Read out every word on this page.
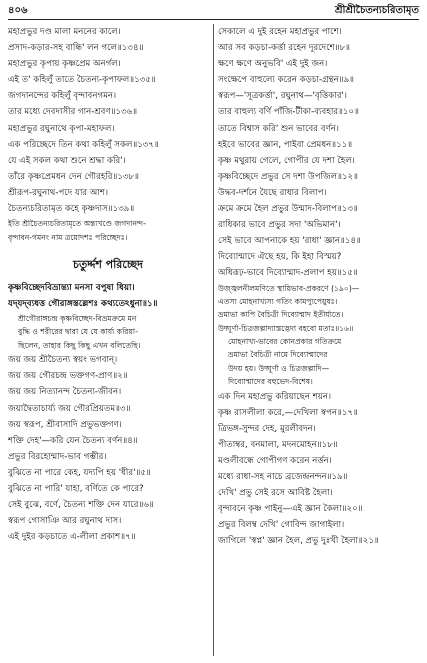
৪০৬	শ্রীশ্রীচৈতন্যচরিতামৃত
মহাপ্রভুর দণ্ড মালা মননের কালে।
প্রসাদ-কড়ার-সহ বান্ধি' লন গলে॥১৩৪॥
মহাপ্রভুর কৃপায় কৃষ্ণপ্রেম অনর্গল।
এই ত' কহিলুঁ তাতে চৈতন্য-কৃপাফল॥১৩৫॥
জগদানন্দের কহিলুঁ বৃন্দাবনগমন।
তার মধ্যে দেবদাসীর গান-শ্রবণ॥১৩৬॥
মহাপ্রভুর রঘুনাথে কৃপা-মহাফল।
এক পরিচ্ছেদে তিন কথা কহিলুঁ সকল॥১৩৭॥
যে এই সকল কথা শুনে শ্রদ্ধা করি'।
তাঁরে কৃষ্ণপ্রেমধন দেন গৌরহরি॥১৩৮॥
শ্রীরূপ-রঘুনাথ-পদে যার আশ।
চৈতন্যচরিতামৃত কহে কৃষ্ণদাস॥১৩৯॥
ইতি শ্রীচৈতন্যচরিতামৃতে অন্ত্যখণ্ডে জগদানন্দ-
বৃন্দাবন-গমনং নাম ত্রয়োদশঃ পরিচ্ছেদঃ।
চতুর্দ্দশ পরিচ্ছেদ
কৃষ্ণবিচ্ছেদবিভ্রান্ত্যা মনসা বপুষা ধিয়া।
যদ্‌যদ্‌ব্যধত্ত গৌরাঙ্গস্তল্লেশঃ কথ্যতেঽধুনা॥১॥
শ্রীগৌরাঙ্গচন্দ্র কৃষ্ণবিচ্ছেদ-বিভ্রমক্রমে মন
বুদ্ধি ও শরীরের দ্বারা যে যে কার্য্য করিয়া-
ছিলেন, তাহার কিছু কিছু এখন বলিতেছি।
জয় জয় শ্রীচৈতন্য স্বয়ং ভগবান্।
জয় জয় গৌরচন্দ্র ভক্তগণ-প্রাণ॥২॥
জয় জয় নিত্যানন্দ চৈতন্য-জীবন।
জয়াদ্বৈতাচার্য্য জয় গৌরপ্রিয়তম॥৩॥
জয় স্বরূপ, শ্রীবাসাদি প্রভুভক্তগণ।
শক্তি দেহ'—করি যেন চৈতন্য বর্ণন॥৪॥
প্রভুর বিরহোন্মাদ-ভাব গম্ভীর।
বুঝিতে না পারে কেহ, যদ্যপি হয় 'ধীর'॥৫॥
বুঝিতে না পারি' যাহা, বর্ণিতে কে পারে?
সেই বুঝে, বর্ণে, চৈতন্য শক্তি দেন যারে॥৬॥
স্বরূপ গোসাঞি আর রঘুনাথ দাস।
এই দুইর কড়চাতে এ-লীলা প্রকাশ॥৭॥
সেকালে এ দুই রহেন মহাপ্রভুর পাশে।
আর সব কড়চা-কর্ত্তা রহেন দূরদেশে॥৮॥
ক্ষণে ক্ষণে অনুভবি' এই দুই জন।
সংক্ষেপে বাহুল্যে করেন কড়চা-গ্রন্থন॥৯॥
স্বরূপ—'সূত্রকর্ত্তা', রঘুনাথ—'বৃত্তিকার'।
তার বাহুল্য বর্ণি পাঁজি-টীকা-ব্যবহার॥১০॥
তাতে বিশ্বাস করি' শুন ভাবের বর্ণন।
হইবে ভাবের জ্ঞান, পাইবা প্রেমধন॥১১॥
কৃষ্ণ মথুরায় গেলে, গোপীর যে দশা হৈল।
কৃষ্ণবিচ্ছেদে প্রভুর সে দশা উপজিল॥১২॥
উদ্ধব-দর্শনে যৈছে রাধার বিলাপ।
ক্রমে ক্রমে হৈল প্রভুর উন্মাদ-বিলাপ॥১৩॥
রাধিকার ভাবে প্রভুর সদা 'অভিমান'।
সেই ভাবে আপনাকে হয় 'রাধা' জ্ঞান॥১৪॥
দিব্যোন্মাদে ঐছে হয়, কি ইহা বিস্ময়?
অধিরূঢ়-ভাবে দিব্যোন্মাদ-প্রলাপ হয়॥১৫॥
উজ্জ্বলনীলমণিতে স্থায়িভাব-প্রকরণে (১৯০)—
এতস্য মোহনাখ্যস্য গতিং কামপ্যুপেয়ুষঃ।
ভ্রমাভা কাপি বৈচিত্রী দিব্যোন্মাদ ইতীর্য্যতে।
উদ্ঘূর্ণা-চিত্রজল্পাদ্যাস্তদ্ভেদা বহবো মতাঃ॥১৬॥
মোহনাখ্য-ভাবের কোনপ্রকার গতিক্রমে
ভ্রমাভা বৈচিত্রী নামে দিব্যোন্মাদের
উদয় হয়। উদ্ঘূর্ণা ও চিত্রজল্পাদি—
দিব্যোন্মাদের বহুভেদ-বিশেষ।
এক দিন মহাপ্রভু করিয়াছেন শয়ন।
কৃষ্ণ রাসলীলা করে,—দেখিলা স্বপন॥১৭॥
ত্রিভঙ্গ-সুন্দর দেহ, মুরলীবদন।
পীতাম্বর, বনমালা, মদনমোহন॥১৮॥
মণ্ডলীবন্ধে গোপীগণ করেন নর্ত্তন।
মধ্যে রাধা-সহ নাচে ব্রজেন্দ্রনন্দন॥১৯॥
দেখি' প্রভু সেই রসে আবিষ্ট হৈলা।
বৃন্দাবনে কৃষ্ণ পাইনু—এই জ্ঞান কৈলা॥২০॥
প্রভুর বিলম্ব দেখি' গোবিন্দ জাগাইলা।
জাগিলে 'স্বপ্ন' জ্ঞান হৈল, প্রভু দুঃখী হৈলা॥২১॥
